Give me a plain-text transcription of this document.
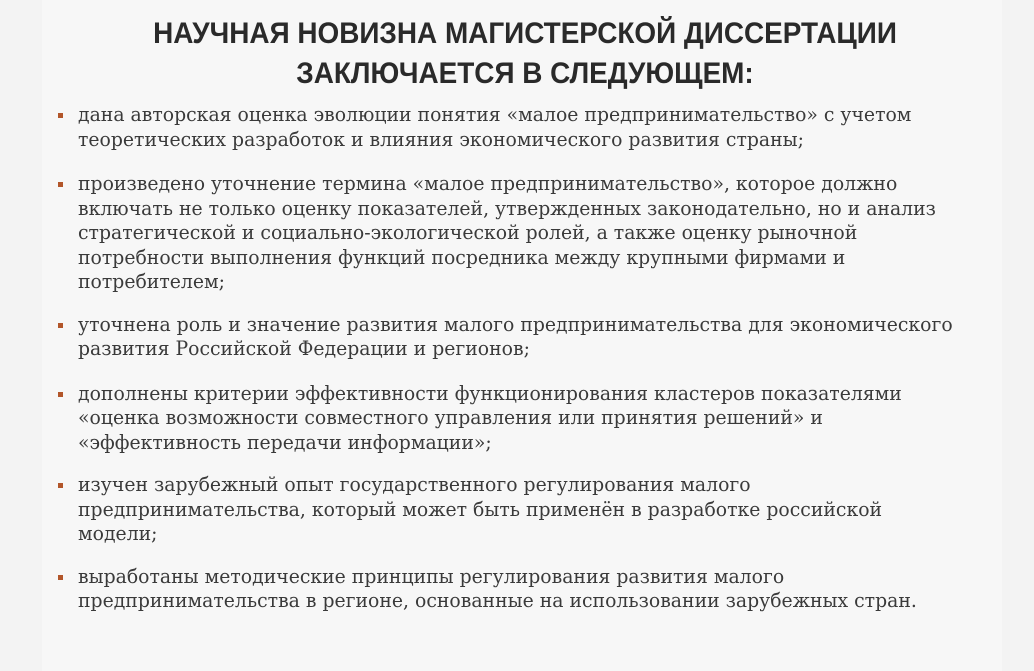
НАУЧНАЯ НОВИЗНА МАГИСТЕРСКОЙ ДИССЕРТАЦИИ
ЗАКЛЮЧАЕТСЯ В СЛЕДУЮЩЕМ:
дана авторская оценка эволюции понятия «малое предпринимательство» с учетом теоретических разработок и влияния экономического развития страны;
произведено уточнение термина «малое предпринимательство», которое должно включать не только оценку показателей, утвержденных законодательно, но и анализ стратегической и социально-экологической ролей, а также оценку рыночной потребности выполнения функций посредника между крупными фирмами и потребителем;
уточнена роль и значение развития малого предпринимательства для экономического развития Российской Федерации и регионов;
дополнены критерии эффективности функционирования кластеров показателями «оценка возможности совместного управления или принятия решений» и «эффективность передачи информации»;
изучен зарубежный опыт государственного регулирования малого предпринимательства, который может быть применён в разработке российской модели;
выработаны методические принципы регулирования развития малого предпринимательства в регионе, основанные на использовании зарубежных стран.
